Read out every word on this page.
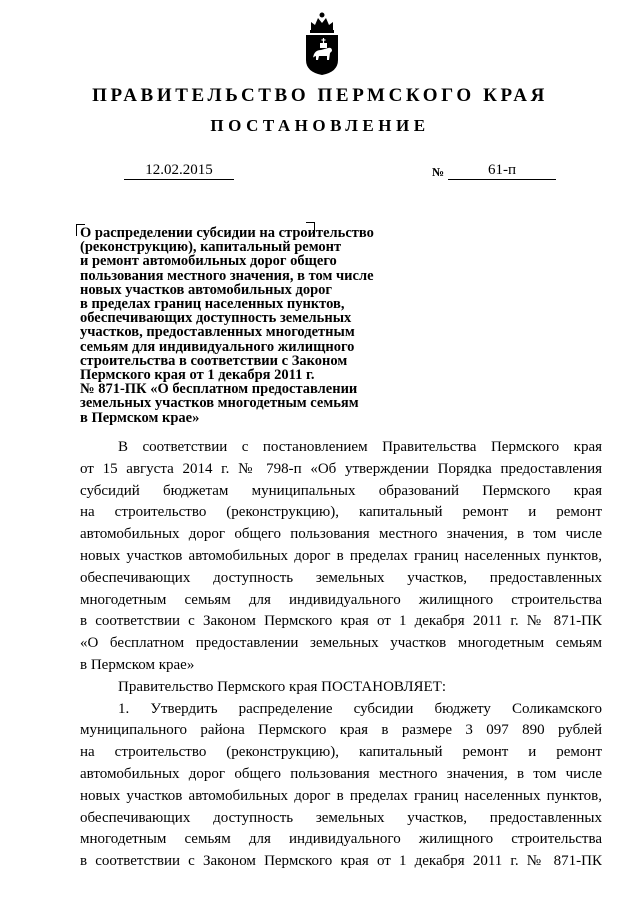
ПРАВИТЕЛЬСТВО ПЕРМСКОГО КРАЯ
ПОСТАНОВЛЕНИЕ
12.02.2015	№	61-п
О распределении субсидии на строительство
(реконструкцию), капитальный ремонт
и ремонт автомобильных дорог общего
пользования местного значения, в том числе
новых участков автомобильных дорог
в пределах границ населенных пунктов,
обеспечивающих доступность земельных
участков, предоставленных многодетным
семьям для индивидуального жилищного
строительства в соответствии с Законом
Пермского края от 1 декабря 2011 г.
№ 871-ПК «О бесплатном предоставлении
земельных участков многодетным семьям
в Пермском крае»
В соответствии с постановлением Правительства Пермского края
от 15 августа 2014 г. № 798-п «Об утверждении Порядка предоставления
субсидий бюджетам муниципальных образований Пермского края
на строительство (реконструкцию), капитальный ремонт и ремонт
автомобильных дорог общего пользования местного значения, в том числе
новых участков автомобильных дорог в пределах границ населенных пунктов,
обеспечивающих доступность земельных участков, предоставленных
многодетным семьям для индивидуального жилищного строительства
в соответствии с Законом Пермского края от 1 декабря 2011 г. № 871-ПК
«О бесплатном предоставлении земельных участков многодетным семьям
в Пермском крае»
Правительство Пермского края ПОСТАНОВЛЯЕТ:
1. Утвердить распределение субсидии бюджету Соликамского
муниципального района Пермского края в размере 3 097 890 рублей
на строительство (реконструкцию), капитальный ремонт и ремонт
автомобильных дорог общего пользования местного значения, в том числе
новых участков автомобильных дорог в пределах границ населенных пунктов,
обеспечивающих доступность земельных участков, предоставленных
многодетным семьям для индивидуального жилищного строительства
в соответствии с Законом Пермского края от 1 декабря 2011 г. № 871-ПК
